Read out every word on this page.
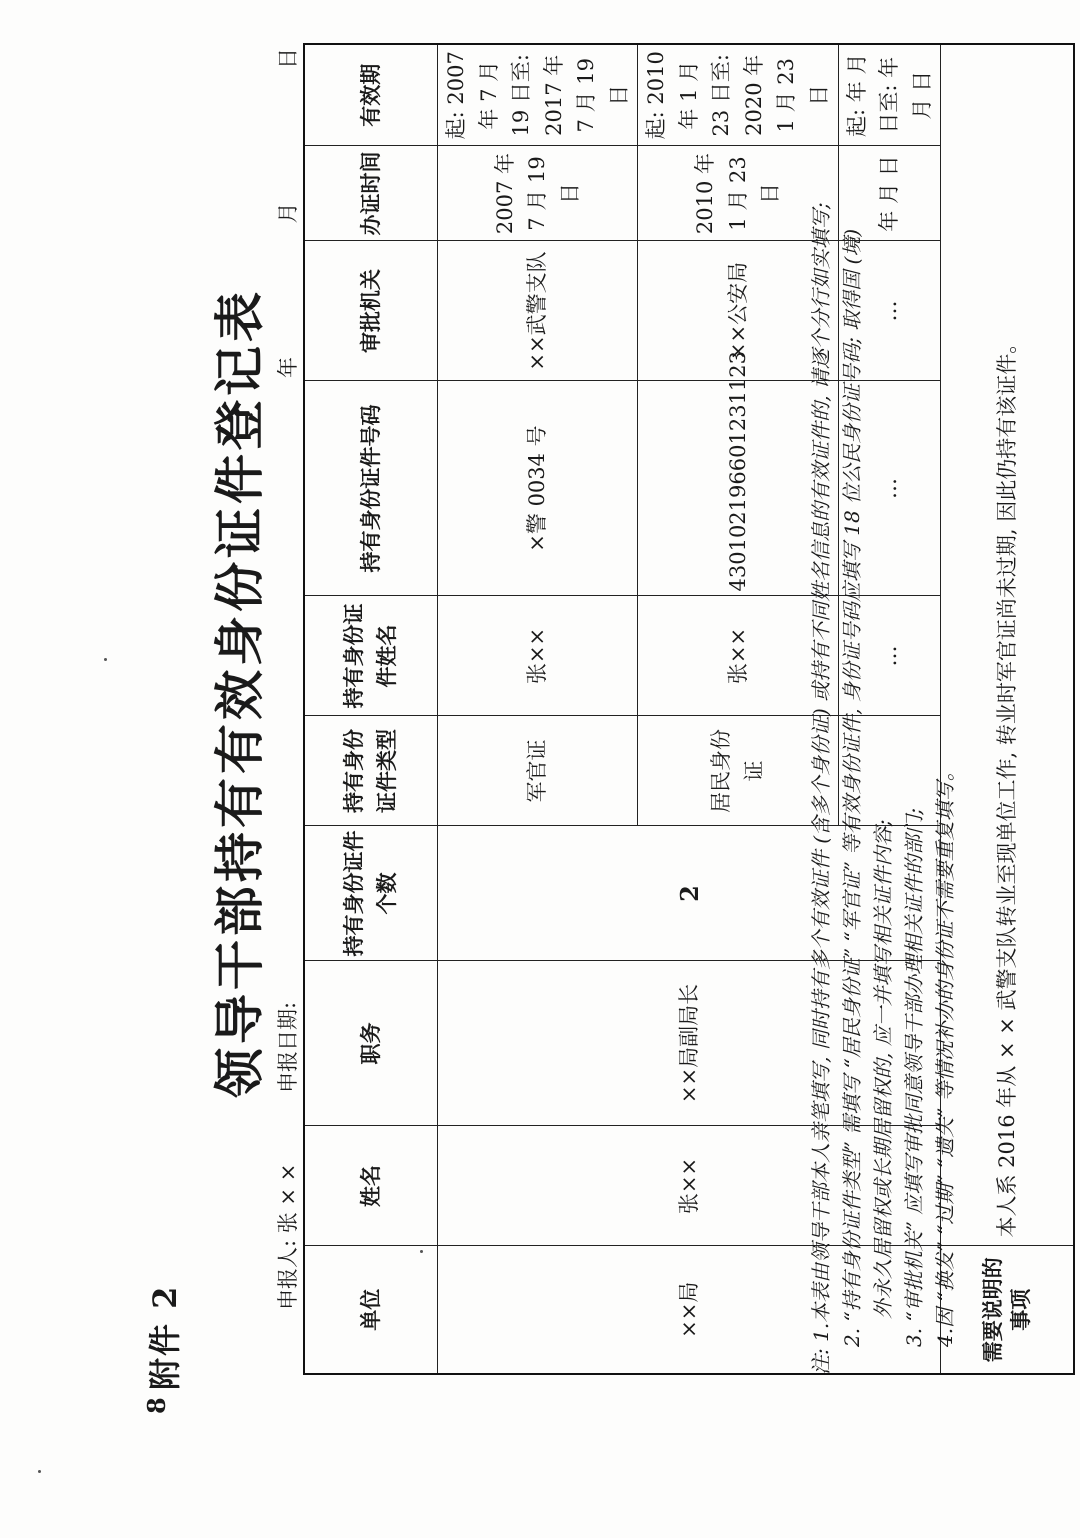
8
附件 2
领导干部持有有效身份证件登记表
申报人: 张 × ×
申报日期:
年
月
日
单位	姓名	职务	持有身份证件个数	持有身份证件类型	持有身份证件姓名	持有身份证件号码	审批机关	办证时间	有效期
××局	张××	××局副局长	2	军官证	张××	×警 0034 号	××武警支队	2007 年 7 月 19 日	起: 2007 年 7 月 19 日至: 2017 年 7 月 19 日
				居民身份证	张××	430102196601231123	××公安局	2010 年 1 月 23 日	起: 2010 年 1 月 23 日至: 2020 年 1 月 23 日
					…	…	…	年 月 日	起: 年 月 日至: 年 月 日
需要说明的事项	本人系 2016 年从 × × 武警支队转业至现单位工作, 转业时军官证尚未过期, 因此仍持有该证件。								
注: 1.本表由领导干部本人亲笔填写, 同时持有多个有效证件 (含多个身份证) 或持有不同姓名信息的有效证件的, 请逐个分行如实填写; 2. “持有身份证件类型” 需填写 “居民身份证” “军官证” 等有效身份证件, 身份证号码应填写 18 位公民身份证号码; 取得国 (境) 外永久居留权或长期居留权的, 应一并填写相关证件内容; 3. “审批机关” 应填写审批同意领导干部办理相关证件的部门; 4.因 “换发” “过期” “遗失” 等情况补办的身份证不需要重复填写。
